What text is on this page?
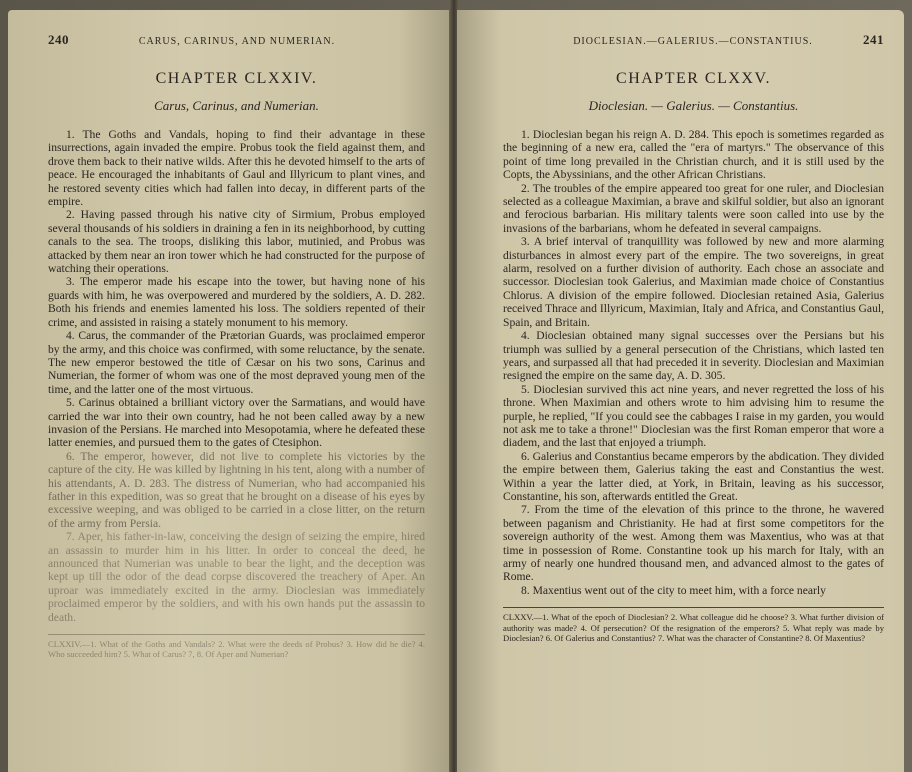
240	CARUS, CARINUS, AND NUMERIAN.
CHAPTER CLXXIV.
Carus, Carinus, and Numerian.

1. The Goths and Vandals, hoping to find their advantage in these insurrections, again invaded the empire. Probus took the field against them, and drove them back to their native wilds. After this he devoted himself to the arts of peace. He encouraged the inhabitants of Gaul and Illyricum to plant vines, and he restored seventy cities which had fallen into decay, in different parts of the empire.

2. Having passed through his native city of Sirmium, Probus employed several thousands of his soldiers in draining a fen in its neighborhood, by cutting canals to the sea. The troops, disliking this labor, mutinied, and Probus was attacked by them near an iron tower which he had constructed for the purpose of watching their operations.

3. The emperor made his escape into the tower, but having none of his guards with him, he was overpowered and murdered by the soldiers, A. D. 282. Both his friends and enemies lamented his loss. The soldiers repented of their crime, and assisted in raising a stately monument to his memory.

4. Carus, the commander of the Prætorian Guards, was proclaimed emperor by the army, and this choice was confirmed, with some reluctance, by the senate. The new emperor bestowed the title of Cæsar on his two sons, Carinus and Numerian, the former of whom was one of the most depraved young men of the time, and the latter one of the most virtuous.

5. Carinus obtained a brilliant victory over the Sarmatians, and would have carried the war into their own country, had he not been called away by a new invasion of the Persians. He marched into Mesopotamia, where he defeated these latter enemies, and pursued them to the gates of Ctesiphon.

6. The emperor, however, did not live to complete his victories by the capture of the city. He was killed by lightning in his tent, along with a number of his attendants, A. D. 283. The distress of Numerian, who had accompanied his father in this expedition, was so great that he brought on a disease of his eyes by excessive weeping, and was obliged to be carried in a close litter, on the return of the army from Persia.

7. Aper, his father-in-law, conceiving the design of seizing the empire, hired an assassin to murder him in his litter. In order to conceal the deed, he announced that Numerian was unable to bear the light, and the deception was kept up till the odor of the dead corpse discovered the treachery of Aper. An uproar was immediately excited in the army. Dioclesian was immediately proclaimed emperor by the soldiers, and with his own hands put the assassin to death.

CLXXIV.—1. What of the Goths and Vandals? 2. What were the deeds of Probus? 3. How did he die? 4. Who succeeded him? 5. What of Carus? 7, 8. Of Aper and Numerian?
DIOCLESIAN.—GALERIUS.—CONSTANTIUS.	241
CHAPTER CLXXV.
Dioclesian. — Galerius. — Constantius.

1. Dioclesian began his reign A. D. 284. This epoch is sometimes regarded as the beginning of a new era, called the "era of martyrs." The observance of this point of time long prevailed in the Christian church, and it is still used by the Copts, the Abyssinians, and the other African Christians.

2. The troubles of the empire appeared too great for one ruler, and Dioclesian selected as a colleague Maximian, a brave and skilful soldier, but also an ignorant and ferocious barbarian. His military talents were soon called into use by the invasions of the barbarians, whom he defeated in several campaigns.

3. A brief interval of tranquillity was followed by new and more alarming disturbances in almost every part of the empire. The two sovereigns, in great alarm, resolved on a further division of authority. Each chose an associate and successor. Dioclesian took Galerius, and Maximian made choice of Constantius Chlorus. A division of the empire followed. Dioclesian retained Asia, Galerius received Thrace and Illyricum, Maximian, Italy and Africa, and Constantius Gaul, Spain, and Britain.

4. Dioclesian obtained many signal successes over the Persians but his triumph was sullied by a general persecution of the Christians, which lasted ten years, and surpassed all that had preceded it in severity. Dioclesian and Maximian resigned the empire on the same day, A. D. 305.

5. Dioclesian survived this act nine years, and never regretted the loss of his throne. When Maximian and others wrote to him advising him to resume the purple, he replied, "If you could see the cabbages I raise in my garden, you would not ask me to take a throne!" Dioclesian was the first Roman emperor that wore a diadem, and the last that enjoyed a triumph.

6. Galerius and Constantius became emperors by the abdication. They divided the empire between them, Galerius taking the east and Constantius the west. Within a year the latter died, at York, in Britain, leaving as his successor, Constantine, his son, afterwards entitled the Great.

7. From the time of the elevation of this prince to the throne, he wavered between paganism and Christianity. He had at first some competitors for the sovereign authority of the west. Among them was Maxentius, who was at that time in possession of Rome. Constantine took up his march for Italy, with an army of nearly one hundred thousand men, and advanced almost to the gates of Rome.

8. Maxentius went out of the city to meet him, with a force nearly

CLXXV.—1. What of the epoch of Dioclesian? 2. What colleague did he choose? 3. What further division of authority was made? 4. Of persecution? Of the resignation of the emperors? 5. What reply was made by Dioclesian? 6. Of Galerius and Constantius? 7. What was the character of Constantine? 8. Of Maxentius?
